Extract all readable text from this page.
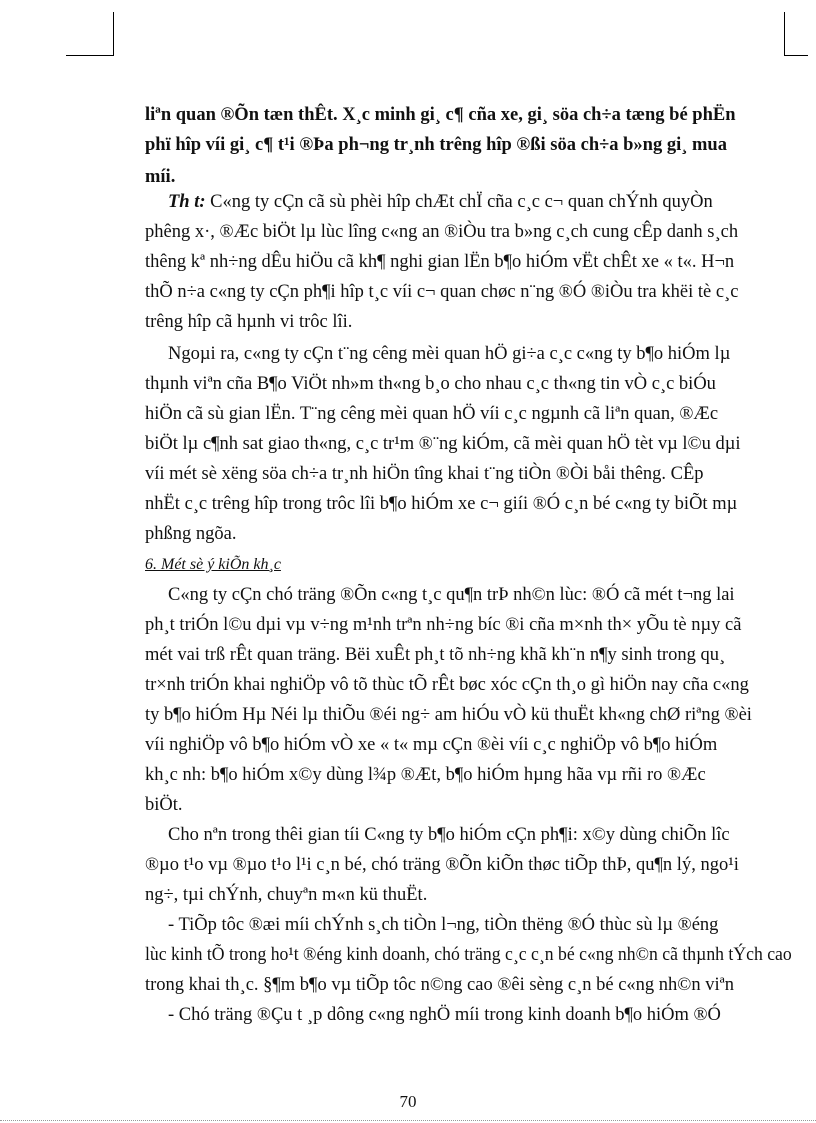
liªn quan ®Õn tæn thÊt. X¸c minh gi¸ c¶ cña xe, gi¸ söa ch÷a tæng bé phËn
phï hîp víi gi¸ c¶ t¹i ®Þa ph¬ng tr¸nh trêng hîp ®ßi söa ch÷a b»ng gi¸ mua
míi.
Th t: C«ng ty cÇn cã sù phèi hîp chÆt chÏ cña c¸c c¬ quan chÝnh quyÒn
phêng x·, ®Æc biÖt lµ lùc lîng c«ng an ®iÒu tra b»ng c¸ch cung cÊp danh s¸ch
thêng kª nh÷ng dÊu hiÖu cã kh¶ nghi gian lËn b¶o hiÓm vËt chÊt xe « t«. H¬n
thÕ n÷a c«ng ty cÇn ph¶i hîp t¸c víi c¬ quan chøc n¨ng ®Ó ®iÒu tra khëi tè c¸c
trêng hîp cã hµnh vi trôc lîi.
Ngoµi ra, c«ng ty cÇn t¨ng cêng mèi quan hÖ gi÷a c¸c c«ng ty b¶o hiÓm lµ
thµnh viªn cña B¶o ViÖt nh»m th«ng b¸o cho nhau c¸c th«ng tin vÒ c¸c biÓu
hiÖn cã sù gian lËn. T¨ng cêng mèi quan hÖ víi c¸c ngµnh cã liªn quan, ®Æc
biÖt lµ c¶nh sat giao th«ng, c¸c tr¹m ®¨ng kiÓm, cã mèi quan hÖ tèt vµ l©u dµi
víi mét sè xëng söa ch÷a tr¸nh hiÖn tîng khai t¨ng tiÒn ®Òi båi thêng. CÊp
nhËt c¸c trêng hîp trong trôc lîi b¶o hiÓm xe c¬ giíi ®Ó c¸n bé c«ng ty biÕt mµ
phßng ngõa.
6. Mét sè ý kiÕn kh¸c
C«ng ty cÇn chó träng ®Õn c«ng t¸c qu¶n trÞ nh©n lùc: ®Ó cã mét t¬ng lai
ph¸t triÓn l©u dµi vµ v÷ng m¹nh trªn nh÷ng bíc ®i cña m×nh th× yÕu tè nµy cã
mét vai trß rÊt quan träng. Bëi xuÊt ph¸t tõ nh÷ng khã kh¨n n¶y sinh trong qu¸
tr×nh triÓn khai nghiÖp vô tõ thùc tÕ rÊt bøc xóc cÇn th¸o gì hiÖn nay cña c«ng
ty b¶o hiÓm Hµ Néi lµ thiÕu ®éi ng÷ am hiÓu vÒ kü thuËt kh«ng chØ riªng ®èi
víi nghiÖp vô b¶o hiÓm vÒ xe « t« mµ cÇn ®èi víi c¸c nghiÖp vô b¶o hiÓm
kh¸c nh: b¶o hiÓm x©y dùng l¾p ®Æt, b¶o hiÓm hµng hãa vµ rñi ro ®Æc
biÖt.
Cho nªn trong thêi gian tíi C«ng ty b¶o hiÓm cÇn ph¶i: x©y dùng chiÕn lîc
®µo t¹o vµ ®µo t¹o l¹i c¸n bé, chó träng ®Õn kiÕn thøc tiÕp thÞ, qu¶n lý, ngo¹i
ng÷, tµi chÝnh, chuyªn m«n kü thuËt.
- TiÕp tôc ®æi míi chÝnh s¸ch tiÒn l¬ng, tiÒn thëng ®Ó thùc sù lµ ®éng
lùc kinh tÕ trong ho¹t ®éng kinh doanh, chó träng c¸c c¸n bé c«ng nh©n cã thµnh tÝch cao
trong khai th¸c. §¶m b¶o vµ tiÕp tôc n©ng cao ®êi sèng c¸n bé c«ng nh©n viªn
- Chó träng ®Çu t ¸p dông c«ng nghÖ míi trong kinh doanh b¶o hiÓm ®Ó
70
